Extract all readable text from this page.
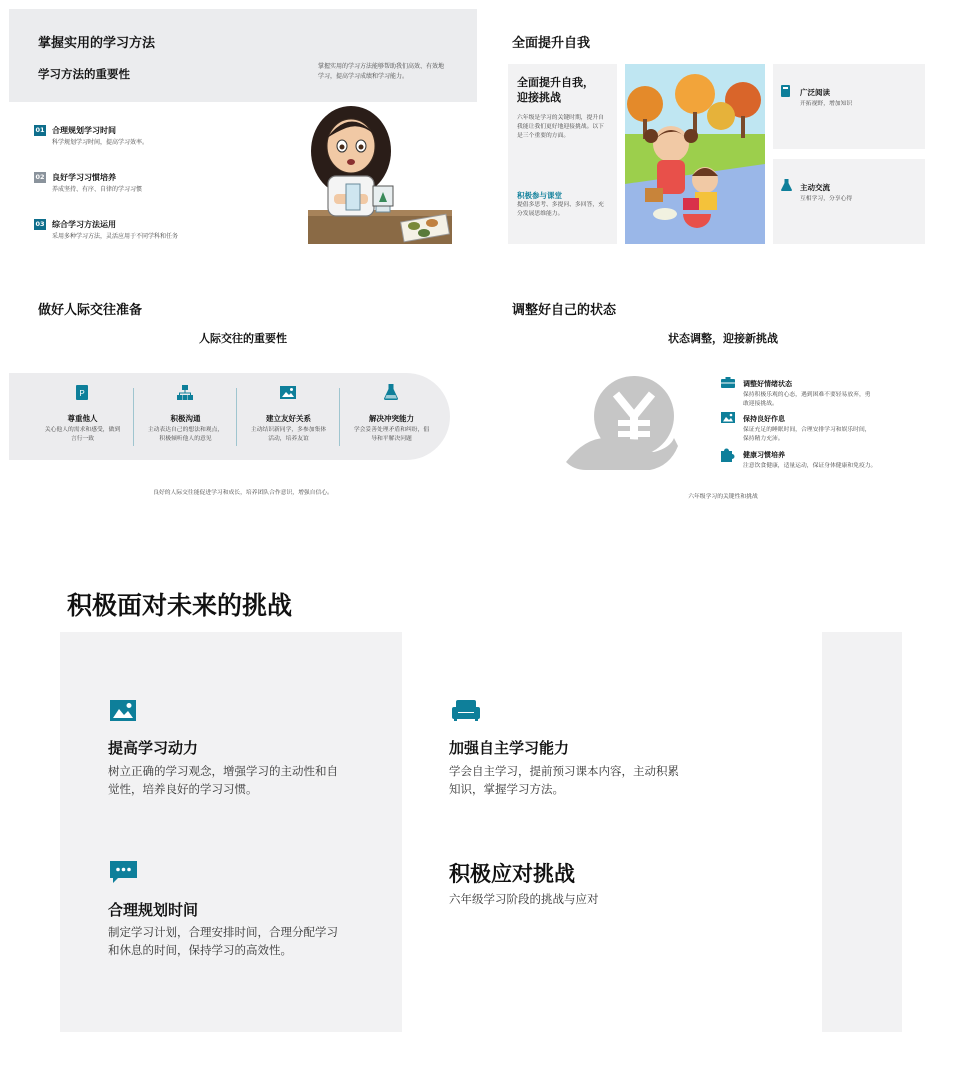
掌握实用的学习方法
学习方法的重要性
掌握实用的学习方法能够帮助我们高效、有效地
学习，提高学习成绩和学习能力。
01 合理规划学习时间
科学规划学习时间，提高学习效率。
02 良好学习习惯培养
养成坚持、有序、自律的学习习惯
03 综合学习方法运用
采用多种学习方法，灵活应用于不同学科和任务
全面提升自我
全面提升自我，
迎接挑战
六年级是学习的关键时期，提升自
我能让我们更好地迎接挑战。以下
是三个重要的方面。
积极参与课堂
提倡多思考、多提问、多回答，充
分发展思维能力。
广泛阅读
开拓视野，增加知识
主动交流
互相学习，分享心得
做好人际交往准备
人际交往的重要性
P
尊重他人
关心他人的需求和感受，做到
言行一致
积极沟通
主动表达自己的想法和观点，
积极倾听他人的意见
建立友好关系
主动结识新同学，多参加集体
活动，培养友谊
解决冲突能力
学会妥善处理矛盾和纠纷，倡
导和平解决问题
良好的人际交往能促进学习和成长，培养团队合作意识，增强自信心。
调整好自己的状态
状态调整，迎接新挑战
调整好情绪状态
保持积极乐观的心态，遇到困难不要轻易放弃，勇
敢迎接挑战。
保持良好作息
保证充足的睡眠时间，合理安排学习和娱乐时间，
保持精力充沛。
健康习惯培养
注意饮食健康，适量运动，保证身体健康和免疫力。
六年级学习的关键性和挑战
积极面对未来的挑战
提高学习动力
树立正确的学习观念，增强学习的主动性和自
觉性，培养良好的学习习惯。
加强自主学习能力
学会自主学习，提前预习课本内容，主动积累
知识，掌握学习方法。
合理规划时间
制定学习计划，合理安排时间，合理分配学习
和休息的时间，保持学习的高效性。
积极应对挑战
六年级学习阶段的挑战与应对
